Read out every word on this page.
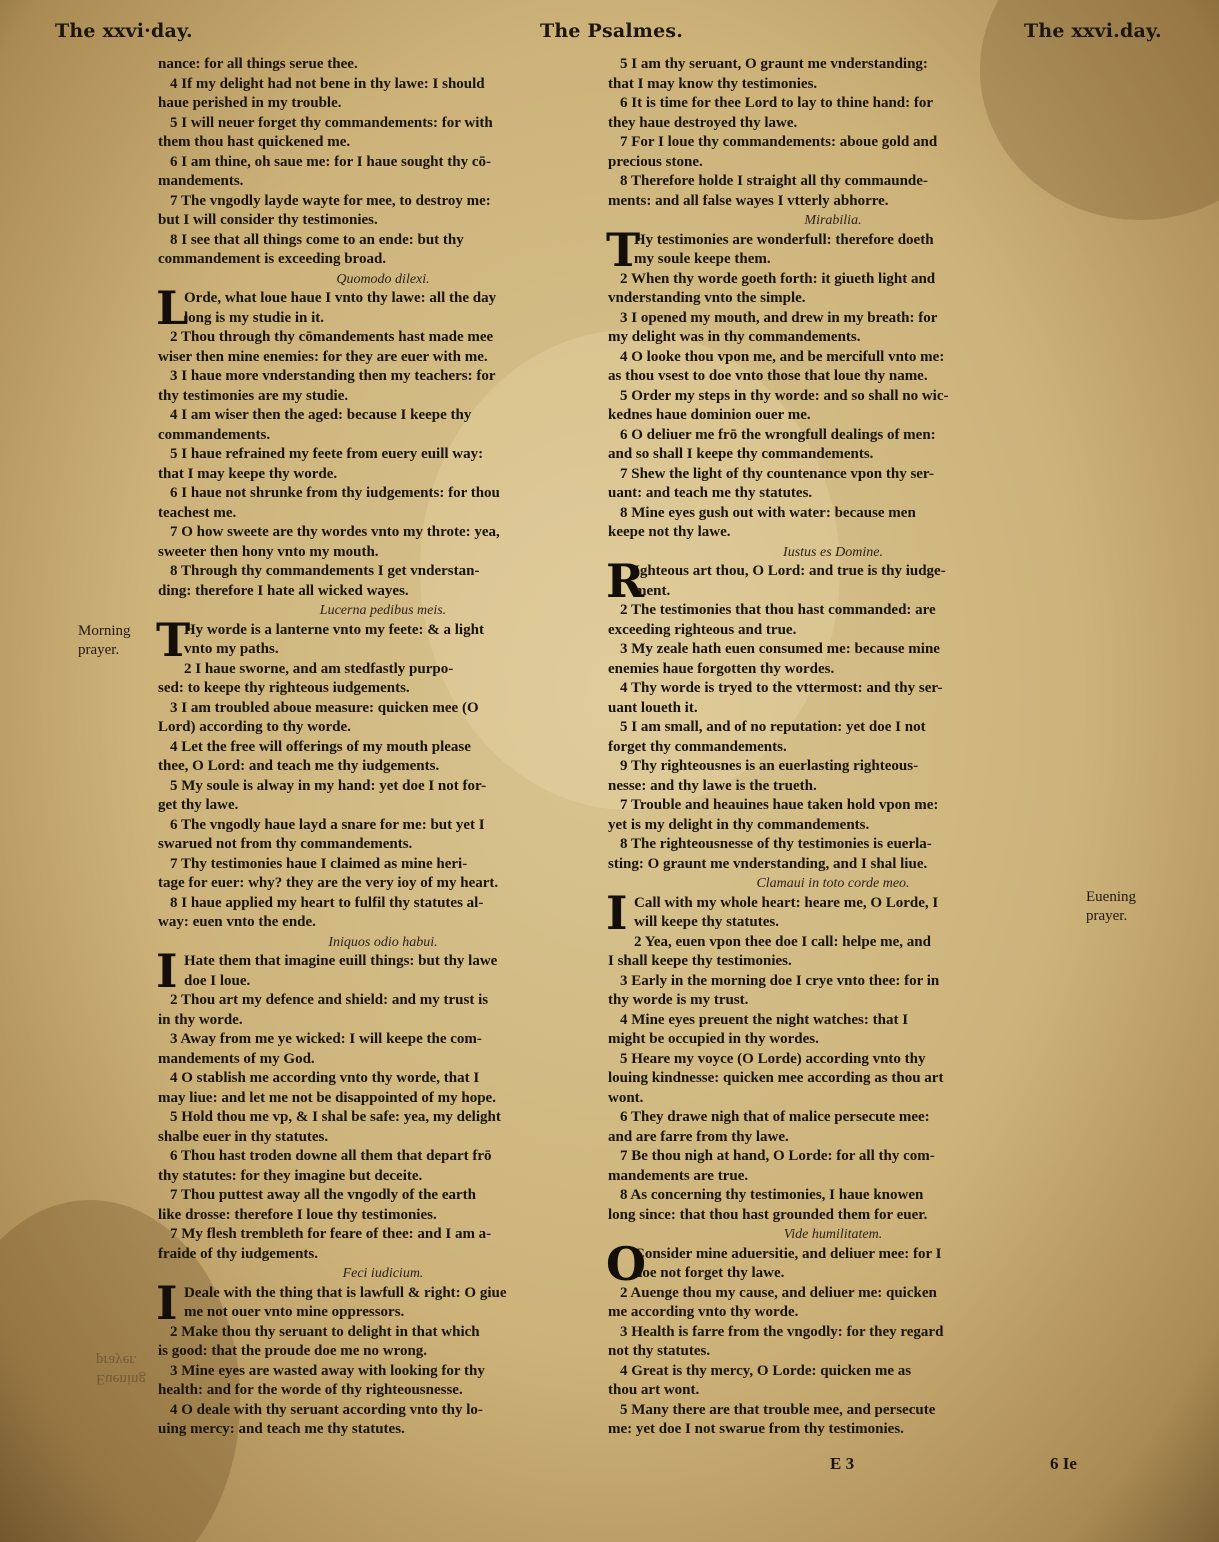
The xxvi·day.	The Psalmes.	The xxvi.day.
nance: for all things serue thee.
4 If my delight had not bene in thy lawe: I should
haue perished in my trouble.
5 I will neuer forget thy commandements: for with
them thou hast quickened me.
6 I am thine, oh saue me: for I haue sought thy cō-
mandements.
7 The vngodly layde wayte for mee, to destroy me:
but I will consider thy testimonies.
8 I see that all things come to an ende: but thy
commandement is exceeding broad.
Quomodo dilexi.
L
Orde, what loue haue I vnto thy lawe: all the day
long is my studie in it.
2 Thou through thy cōmandements hast made mee
wiser then mine enemies: for they are euer with me.
3 I haue more vnderstanding then my teachers: for
thy testimonies are my studie.
4 I am wiser then the aged: because I keepe thy
commandements.
5 I haue refrained my feete from euery euill way:
that I may keepe thy worde.
6 I haue not shrunke from thy iudgements: for thou
teachest me.
7 O how sweete are thy wordes vnto my throte: yea,
sweeter then hony vnto my mouth.
8 Through thy commandements I get vnderstan-
ding: therefore I hate all wicked wayes.
Lucerna pedibus meis.
T
Hy worde is a lanterne vnto my feete: & a light
vnto my paths.
2 I haue sworne, and am stedfastly purpo-
sed: to keepe thy righteous iudgements.
3 I am troubled aboue measure: quicken mee (O
Lord) according to thy worde.
4 Let the free will offerings of my mouth please
thee, O Lord: and teach me thy iudgements.
5 My soule is alway in my hand: yet doe I not for-
get thy lawe.
6 The vngodly haue layd a snare for me: but yet I
swarued not from thy commandements.
7 Thy testimonies haue I claimed as mine heri-
tage for euer: why? they are the very ioy of my heart.
8 I haue applied my heart to fulfil thy statutes al-
way: euen vnto the ende.
Iniquos odio habui.
I Hate them that imagine euill things: but thy lawe
doe I loue.
2 Thou art my defence and shield: and my trust is
in thy worde.
3 Away from me ye wicked: I will keepe the com-
mandements of my God.
4 O stablish me according vnto thy worde, that I
may liue: and let me not be disappointed of my hope.
5 Hold thou me vp, & I shal be safe: yea, my delight
shalbe euer in thy statutes.
6 Thou hast troden downe all them that depart frō
thy statutes: for they imagine but deceite.
7 Thou puttest away all the vngodly of the earth
like drosse: therefore I loue thy testimonies.
7 My flesh trembleth for feare of thee: and I am a-
fraide of thy iudgements.
Feci iudicium.
I Deale with the thing that is lawfull & right: O giue
me not ouer vnto mine oppressors.
2 Make thou thy seruant to delight in that which
is good: that the proude doe me no wrong.
3 Mine eyes are wasted away with looking for thy
health: and for the worde of thy righteousnesse.
4 O deale with thy seruant according vnto thy lo-
uing mercy: and teach me thy statutes.
5 I am thy seruant, O graunt me vnderstanding:
that I may know thy testimonies.
6 It is time for thee Lord to lay to thine hand: for
they haue destroyed thy lawe.
7 For I loue thy commandements: aboue gold and
precious stone.
8 Therefore holde I straight all thy commaunde-
ments: and all false wayes I vtterly abhorre.
Mirabilia.
T
Hy testimonies are wonderfull: therefore doeth
my soule keepe them.
2 When thy worde goeth forth: it giueth light and
vnderstanding vnto the simple.
3 I opened my mouth, and drew in my breath: for
my delight was in thy commandements.
4 O looke thou vpon me, and be mercifull vnto me:
as thou vsest to doe vnto those that loue thy name.
5 Order my steps in thy worde: and so shall no wic-
kednes haue dominion ouer me.
6 O deliuer me frō the wrongfull dealings of men:
and so shall I keepe thy commandements.
7 Shew the light of thy countenance vpon thy ser-
uant: and teach me thy statutes.
8 Mine eyes gush out with water: because men
keepe not thy lawe.
Iustus es Domine.
R
Ighteous art thou, O Lord: and true is thy iudge-
ment.
2 The testimonies that thou hast commanded: are
exceeding righteous and true.
3 My zeale hath euen consumed me: because mine
enemies haue forgotten thy wordes.
4 Thy worde is tryed to the vttermost: and thy ser-
uant loueth it.
5 I am small, and of no reputation: yet doe I not
forget thy commandements.
9 Thy righteousnes is an euerlasting righteous-
nesse: and thy lawe is the trueth.
7 Trouble and heauines haue taken hold vpon me:
yet is my delight in thy commandements.
8 The righteousnesse of thy testimonies is euerla-
sting: O graunt me vnderstanding, and I shal liue.
Clamaui in toto corde meo.
I Call with my whole heart: heare me, O Lorde, I
will keepe thy statutes.
2 Yea, euen vpon thee doe I call: helpe me, and
I shall keepe thy testimonies.
3 Early in the morning doe I crye vnto thee: for in
thy worde is my trust.
4 Mine eyes preuent the night watches: that I
might be occupied in thy wordes.
5 Heare my voyce (O Lorde) according vnto thy
louing kindnesse: quicken mee according as thou art
wont.
6 They drawe nigh that of malice persecute mee:
and are farre from thy lawe.
7 Be thou nigh at hand, O Lorde: for all thy com-
mandements are true.
8 As concerning thy testimonies, I haue knowen
long since: that thou hast grounded them for euer.
Vide humilitatem.
O
Consider mine aduersitie, and deliuer mee: for I
doe not forget thy lawe.
2 Auenge thou my cause, and deliuer me: quicken
me according vnto thy worde.
3 Health is farre from the vngodly: for they regard
not thy statutes.
4 Great is thy mercy, O Lorde: quicken me as
thou art wont.
5 Many there are that trouble mee, and persecute
me: yet doe I not swarue from thy testimonies.
Morning
prayer.
Euening
prayer.
Euening
prayer.
E 3	6 Ie
